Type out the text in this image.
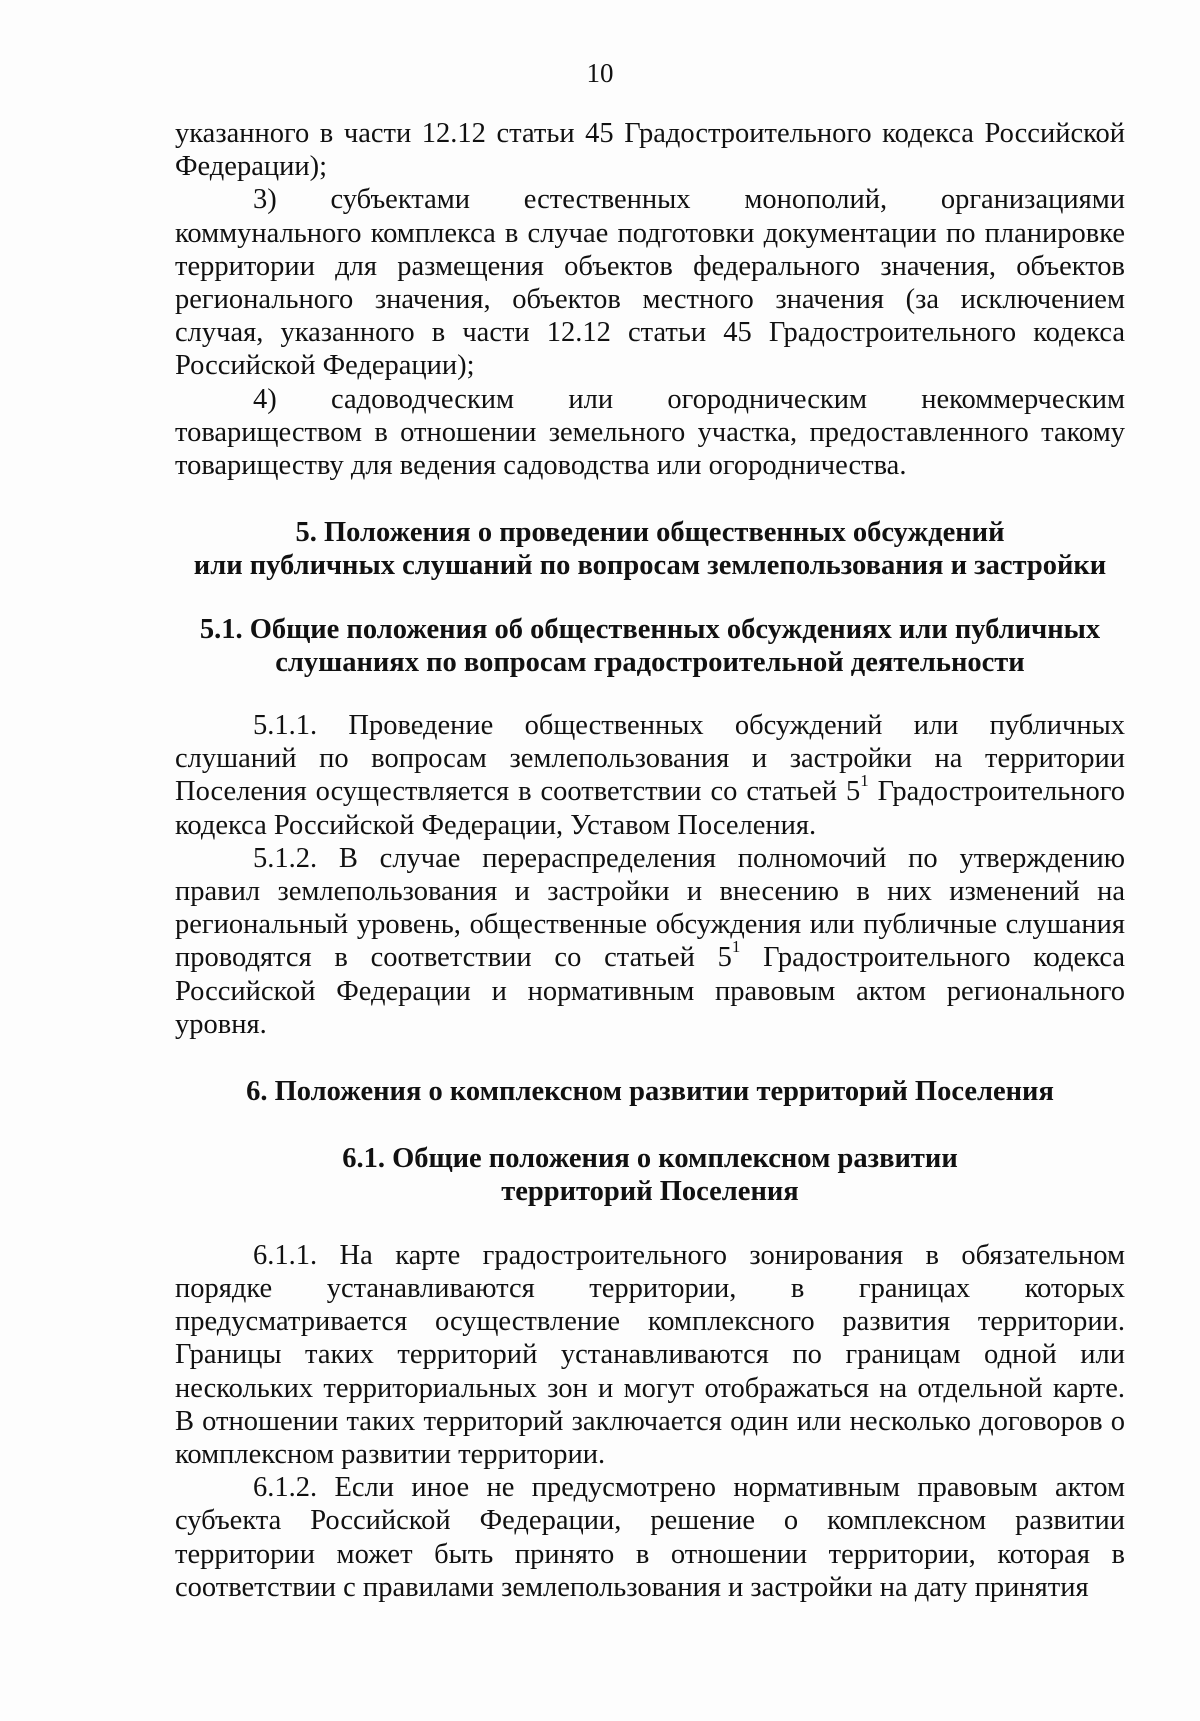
10

указанного в части 12.12 статьи 45 Градостроительного кодекса Российской Федерации);

3) субъектами естественных монополий, организациями коммунального комплекса в случае подготовки документации по планировке территории для размещения объектов федерального значения, объектов регионального значения, объектов местного значения (за исключением случая, указанного в части 12.12 статьи 45 Градостроительного кодекса Российской Федерации);

4) садоводческим или огородническим некоммерческим товариществом в отношении земельного участка, предоставленного такому товариществу для ведения садоводства или огородничества.

5. Положения о проведении общественных обсуждений

или публичных слушаний по вопросам землепользования и застройки

5.1. Общие положения об общественных обсуждениях или публичных

слушаниях по вопросам градостроительной деятельности

5.1.1. Проведение общественных обсуждений или публичных слушаний по вопросам землепользования и застройки на территории Поселения осуществляется в соответствии со статьей $5^1$ Градостроительного кодекса Российской Федерации, Уставом Поселения.

5.1.2. В случае перераспределения полномочий по утверждению правил землепользования и застройки и внесению в них изменений на региональный уровень, общественные обсуждения или публичные слушания проводятся в соответствии со статьей $5^1$ Градостроительного кодекса Российской Федерации и нормативным правовым актом регионального уровня.

6. Положения о комплексном развитии территорий Поселения

6.1. Общие положения о комплексном развитии

территорий Поселения

6.1.1. На карте градостроительного зонирования в обязательном порядке устанавливаются территории, в границах которых предусматривается осуществление комплексного развития территории. Границы таких территорий устанавливаются по границам одной или нескольких территориальных зон и могут отображаться на отдельной карте. В отношении таких территорий заключается один или несколько договоров о комплексном развитии территории.

6.1.2. Если иное не предусмотрено нормативным правовым актом субъекта Российской Федерации, решение о комплексном развитии территории может быть принято в отношении территории, которая в соответствии с правилами землепользования и застройки на дату принятия
